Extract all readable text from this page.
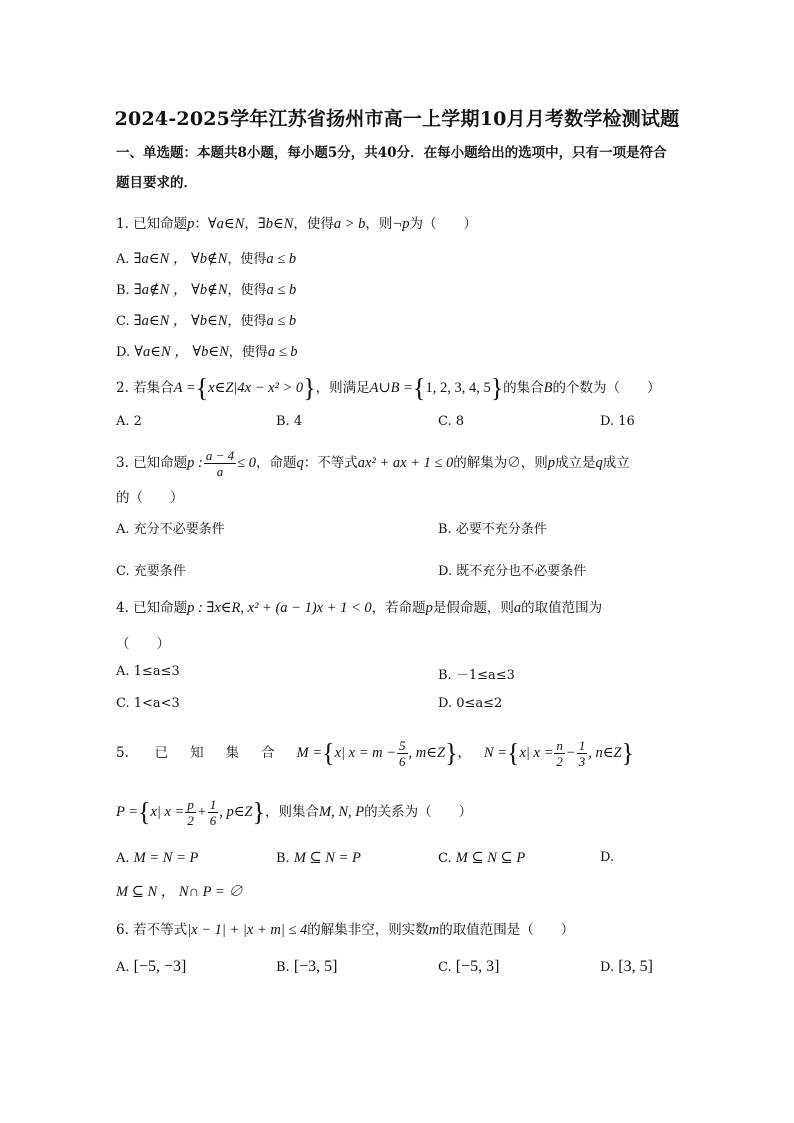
2024-2025学年江苏省扬州市高一上学期10月月考数学检测试题
一、单选题：本题共8小题，每小题5分，共40分．在每小题给出的选项中，只有一项是符合题目要求的．
1. 已知命题p：∀a∈N，∃b∈N，使得a > b，则¬p为（　　）
A. ∃a∈N ， ∀b∉N，使得a ≤ b
B. ∃a∉N ， ∀b∉N，使得a ≤ b
C. ∃a∈N ， ∀b∈N，使得a ≤ b
D. ∀a∈N ， ∀b∈N，使得a ≤ b
2. 若集合A ={x∈Z|4x − x² > 0}，则满足A∪B ={1, 2, 3, 4, 5}的集合B的个数为（　　）
A. 2	B. 4	C. 8	D. 16
3. 已知命题p : $\frac{a - 4}{a} \le 0$，命题q：不等式ax² + ax + 1 ≤ 0的解集为∅，则p成立是q成立
的（　　）
A. 充分不必要条件	B. 必要不充分条件
C. 充要条件	D. 既不充分也不必要条件
4. 已知命题p : ∃x∈R, x² + (a − 1)x + 1 < 0，若命题p是假命题，则a的取值范围为
（　　）
A. 1≤a≤3	B. －1≤a≤3
C. 1<a<3	D. 0≤a≤2
5. 已知集合M ={x| $x = m - \frac{5}{6}$ , m∈Z}， N ={x| $x = \frac{n}{2} - \frac{1}{3}$ , n∈Z}
P ={x| $x = \frac{p}{2} + \frac{1}{6}$ , p∈Z}，则集合M, N, P的关系为（　　）
A. M = N = P	B. M ⊆ N = P	C. M ⊆ N ⊆ P	D.
M ⊆ N ， N∩ P = ∅
6. 若不等式|x − 1| + |x + m| ≤ 4的解集非空，则实数m的取值范围是（　　）
A. [−5, −3]	B. [−3, 5]	C. [−5, 3]	D. [3, 5]
